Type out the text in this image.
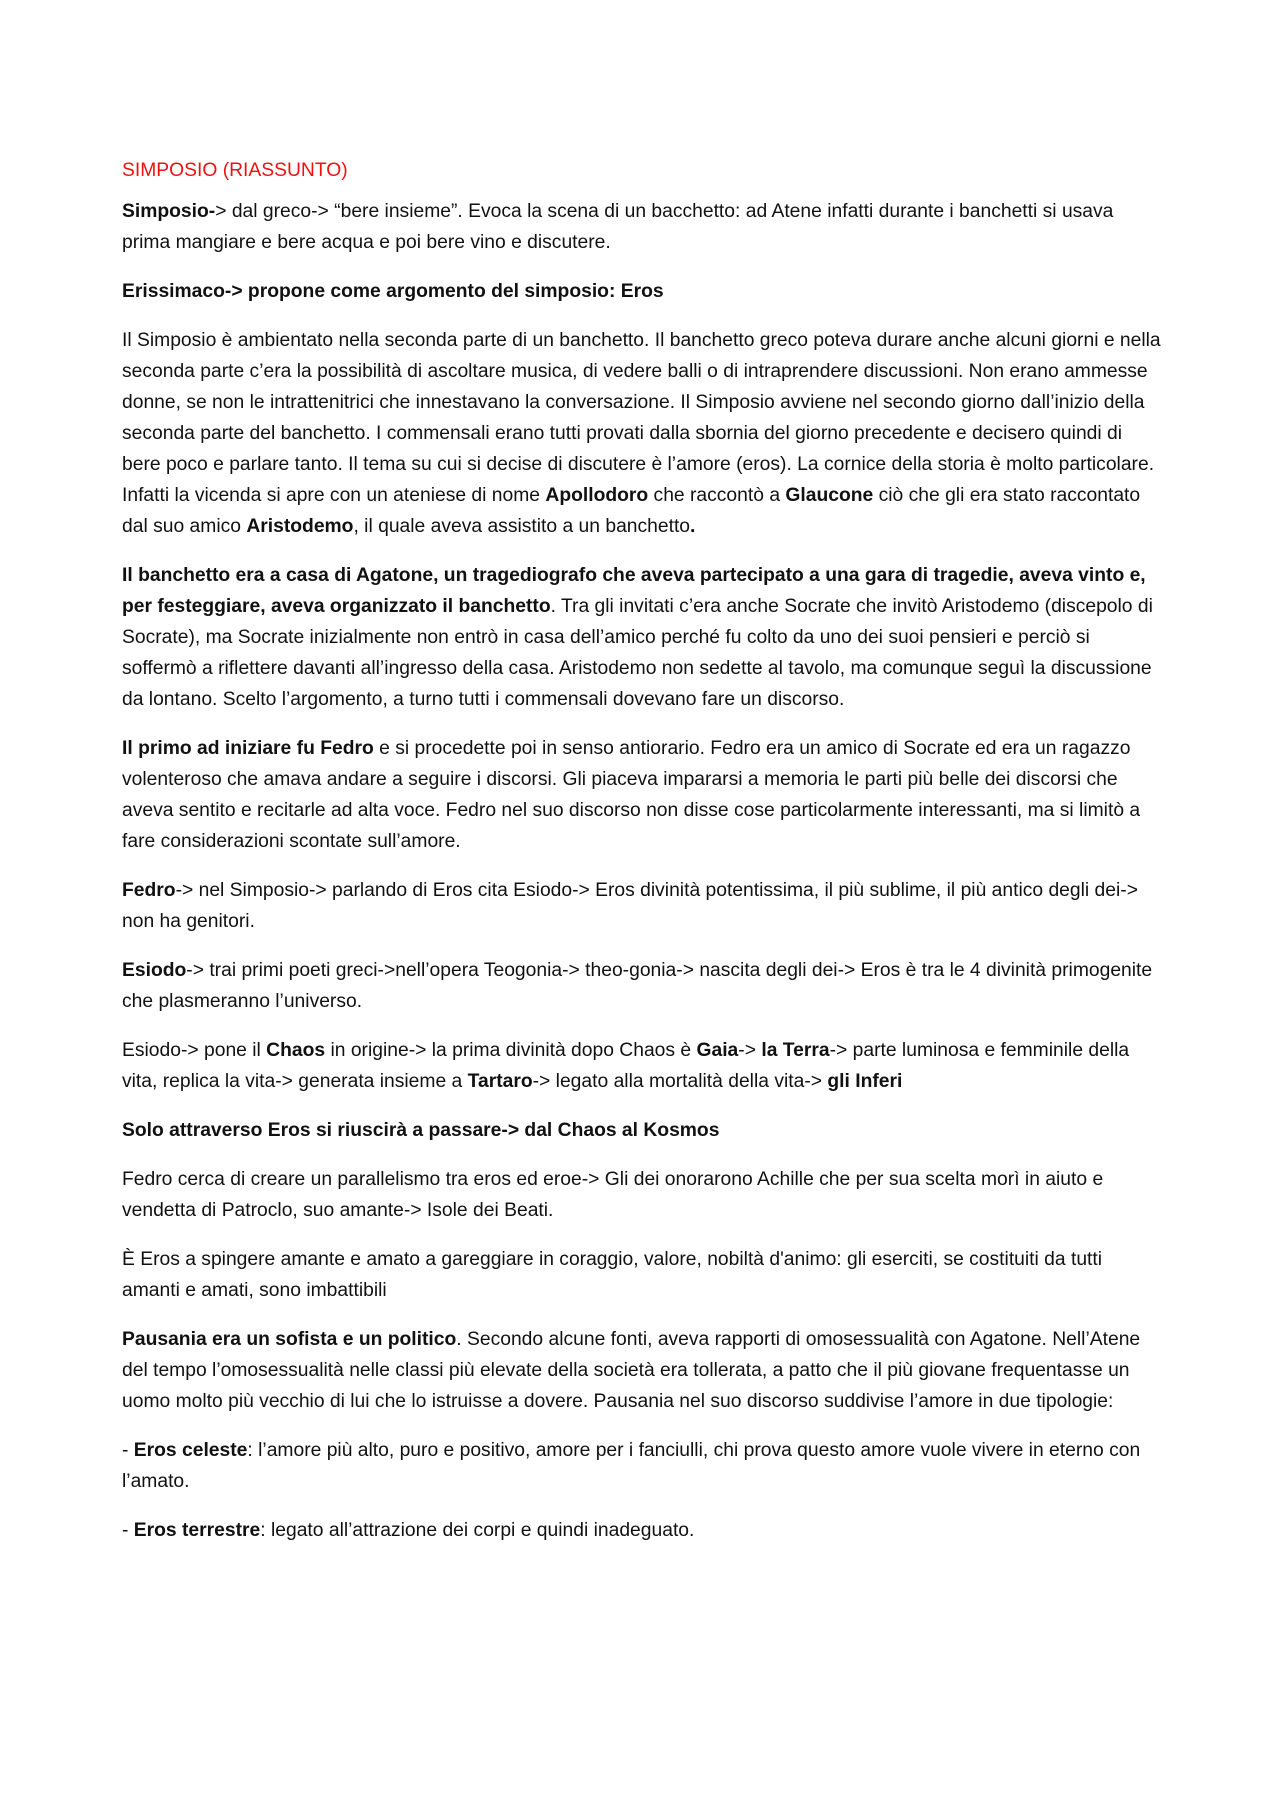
SIMPOSIO (RIASSUNTO)

Simposio-> dal greco-> “bere insieme”. Evoca la scena di un bacchetto: ad Atene infatti durante i banchetti si usava prima mangiare e bere acqua e poi bere vino e discutere.

Erissimaco-> propone come argomento del simposio: Eros

Il Simposio è ambientato nella seconda parte di un banchetto. Il banchetto greco poteva durare anche alcuni giorni e nella seconda parte c’era la possibilità di ascoltare musica, di vedere balli o di intraprendere discussioni. Non erano ammesse donne, se non le intrattenitrici che innestavano la conversazione. Il Simposio avviene nel secondo giorno dall’inizio della seconda parte del banchetto. I commensali erano tutti provati dalla sbornia del giorno precedente e decisero quindi di bere poco e parlare tanto. Il tema su cui si decise di discutere è l’amore (eros). La cornice della storia è molto particolare. Infatti la vicenda si apre con un ateniese di nome Apollodoro che raccontò a Glaucone ciò che gli era stato raccontato dal suo amico Aristodemo, il quale aveva assistito a un banchetto.

Il banchetto era a casa di Agatone, un tragediografo che aveva partecipato a una gara di tragedie, aveva vinto e, per festeggiare, aveva organizzato il banchetto. Tra gli invitati c’era anche Socrate che invitò Aristodemo (discepolo di Socrate), ma Socrate inizialmente non entrò in casa dell’amico perché fu colto da uno dei suoi pensieri e perciò si soffermò a riflettere davanti all’ingresso della casa. Aristodemo non sedette al tavolo, ma comunque seguì la discussione da lontano. Scelto l’argomento, a turno tutti i commensali dovevano fare un discorso.

Il primo ad iniziare fu Fedro e si procedette poi in senso antiorario. Fedro era un amico di Socrate ed era un ragazzo volenteroso che amava andare a seguire i discorsi. Gli piaceva impararsi a memoria le parti più belle dei discorsi che aveva sentito e recitarle ad alta voce. Fedro nel suo discorso non disse cose particolarmente interessanti, ma si limitò a fare considerazioni scontate sull’amore.

Fedro-> nel Simposio-> parlando di Eros cita Esiodo-> Eros divinità potentissima, il più sublime, il più antico degli dei-> non ha genitori.

Esiodo-> trai primi poeti greci->nell’opera Teogonia-> theo-gonia-> nascita degli dei-> Eros è tra le 4 divinità primogenite che plasmeranno l’universo.

Esiodo-> pone il Chaos in origine-> la prima divinità dopo Chaos è Gaia-> la Terra-> parte luminosa e femminile della vita, replica la vita-> generata insieme a Tartaro-> legato alla mortalità della vita-> gli Inferi

Solo attraverso Eros si riuscirà a passare-> dal Chaos al Kosmos

Fedro cerca di creare un parallelismo tra eros ed eroe-> Gli dei onorarono Achille che per sua scelta morì in aiuto e vendetta di Patroclo, suo amante-> Isole dei Beati.

È Eros a spingere amante e amato a gareggiare in coraggio, valore, nobiltà d'animo: gli eserciti, se costituiti da tutti amanti e amati, sono imbattibili

Pausania era un sofista e un politico. Secondo alcune fonti, aveva rapporti di omosessualità con Agatone. Nell’Atene del tempo l’omosessualità nelle classi più elevate della società era tollerata, a patto che il più giovane frequentasse un uomo molto più vecchio di lui che lo istruisse a dovere. Pausania nel suo discorso suddivise l’amore in due tipologie:

- Eros celeste: l’amore più alto, puro e positivo, amore per i fanciulli, chi prova questo amore vuole vivere in eterno con l’amato.

- Eros terrestre: legato all’attrazione dei corpi e quindi inadeguato.
